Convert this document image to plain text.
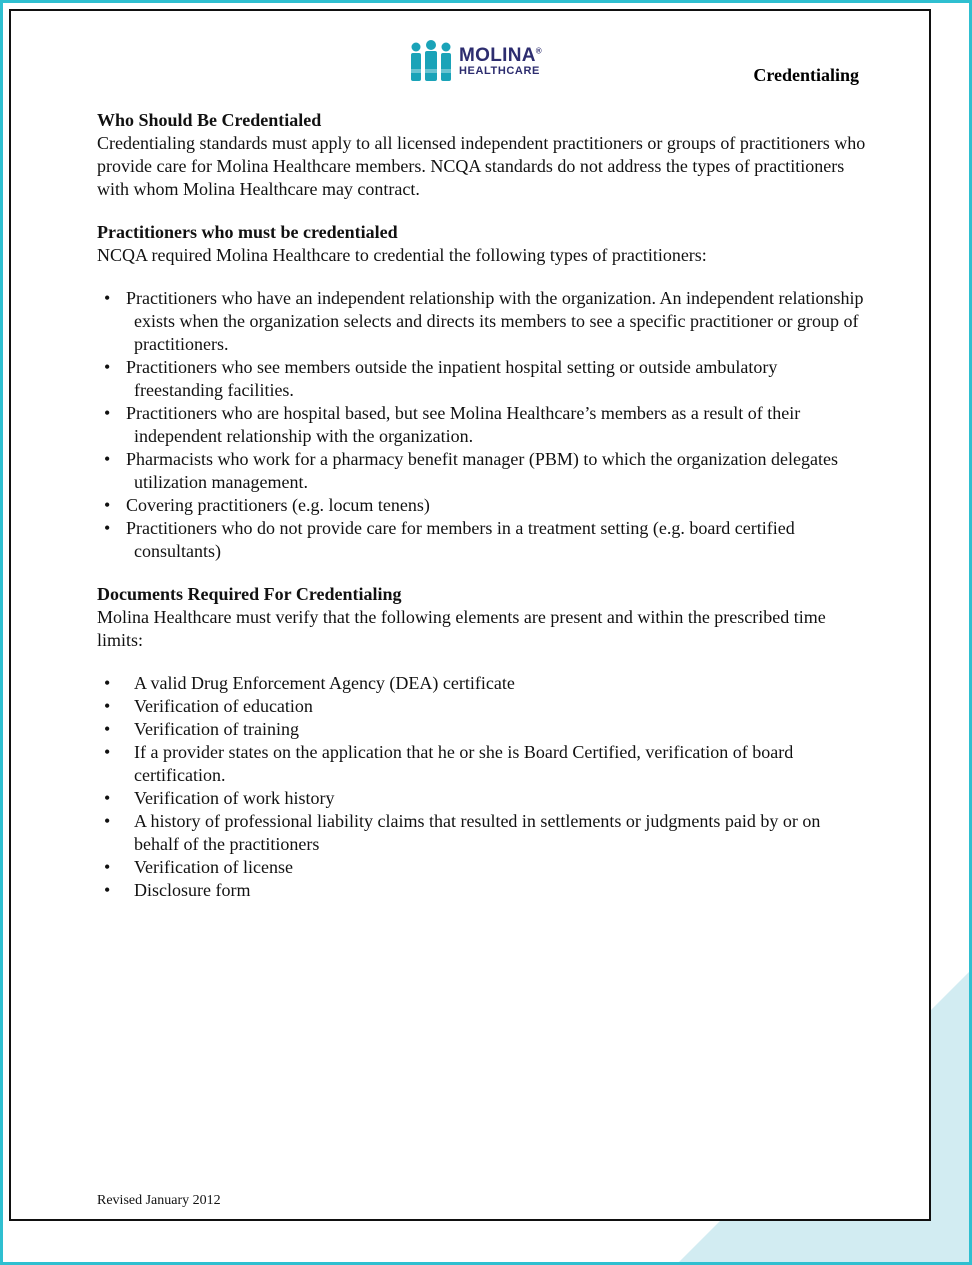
MOLINA®
HEALTHCARE	Credentialing

Who Should Be Credentialed

Credentialing standards must apply to all licensed independent practitioners or groups of practitioners who provide care for Molina Healthcare members. NCQA standards do not address the types of practitioners with whom Molina Healthcare may contract.

Practitioners who must be credentialed

NCQA required Molina Healthcare to credential the following types of practitioners:

• Practitioners who have an independent relationship with the organization. An independent relationship exists when the organization selects and directs its members to see a specific practitioner or group of practitioners.
• Practitioners who see members outside the inpatient hospital setting or outside ambulatory freestanding facilities.
• Practitioners who are hospital based, but see Molina Healthcare’s members as a result of their independent relationship with the organization.
• Pharmacists who work for a pharmacy benefit manager (PBM) to which the organization delegates utilization management.
• Covering practitioners (e.g. locum tenens)
• Practitioners who do not provide care for members in a treatment setting (e.g. board certified consultants)

Documents Required For Credentialing

Molina Healthcare must verify that the following elements are present and within the prescribed time limits:

• A valid Drug Enforcement Agency (DEA) certificate
• Verification of education
• Verification of training
• If a provider states on the application that he or she is Board Certified, verification of board certification.
• Verification of work history
• A history of professional liability claims that resulted in settlements or judgments paid by or on behalf of the practitioners
• Verification of license
• Disclosure form
Revised January 2012
